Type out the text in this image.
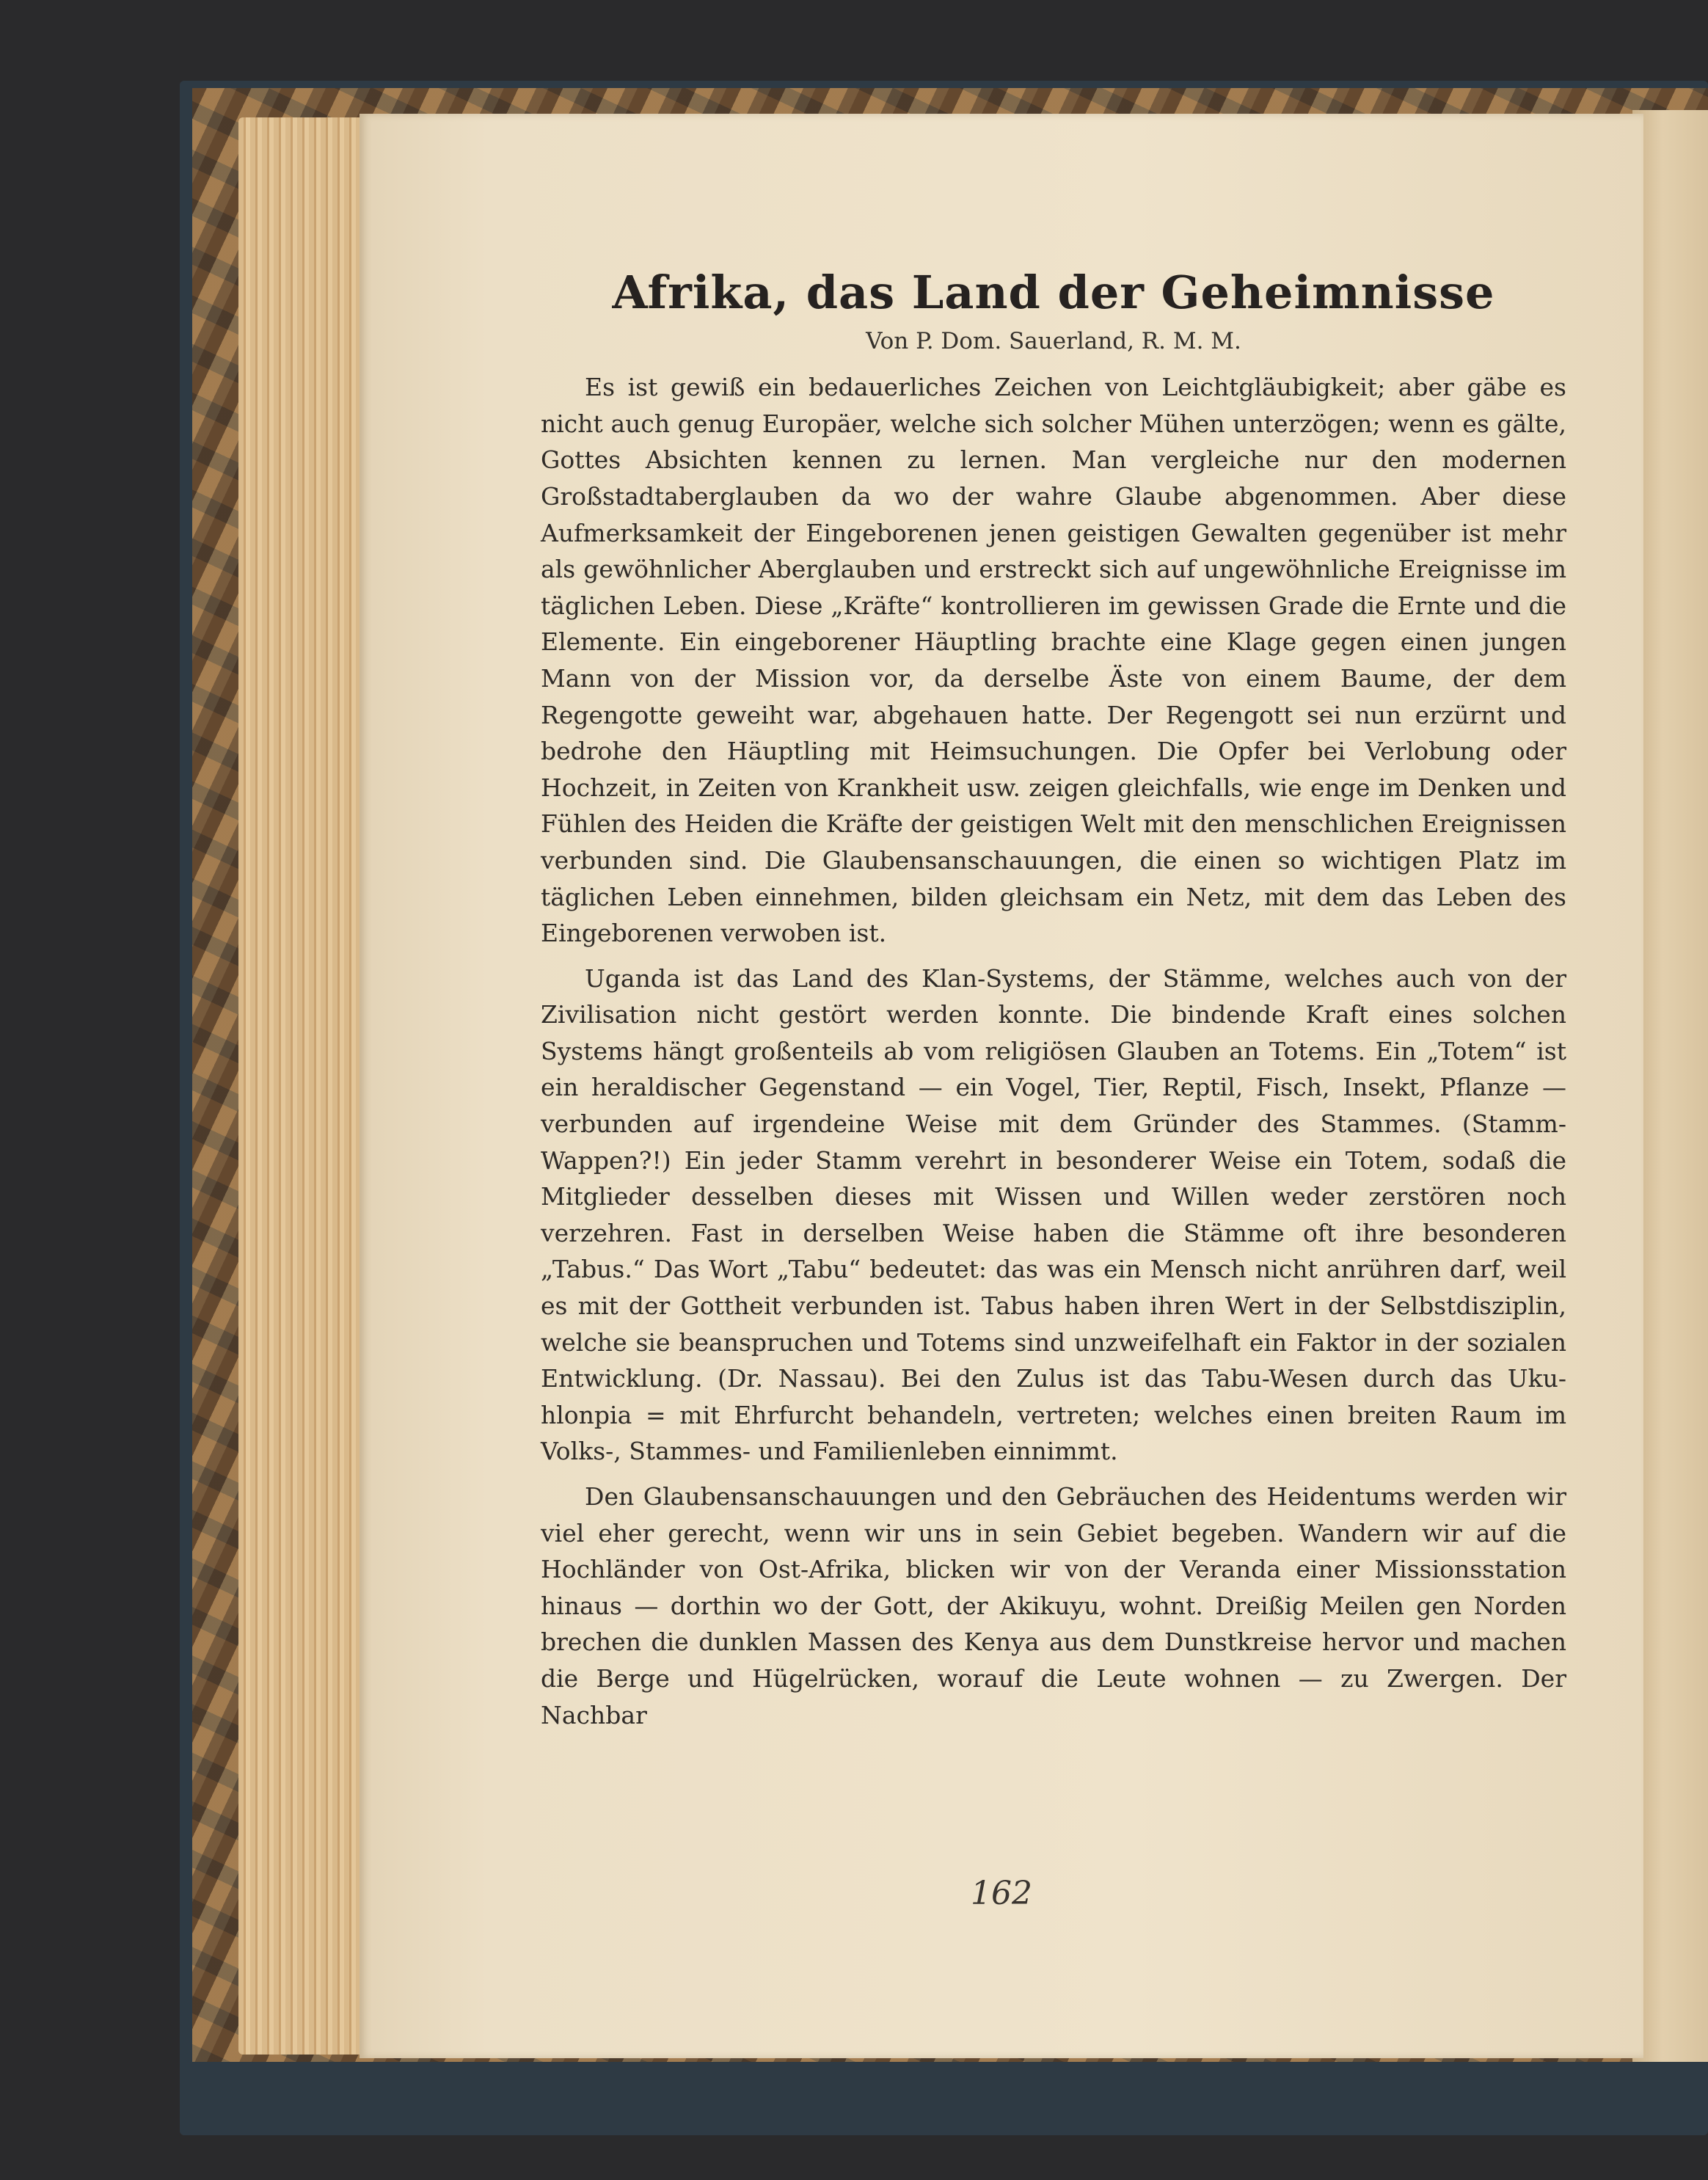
Afrika, das Land der Geheimnisse
Von P. Dom. Sauerland, R. M. M.

Es ist gewiß ein bedauerliches Zeichen von Leichtgläubigkeit; aber gäbe es nicht auch genug Europäer, welche sich solcher Mühen unterzögen; wenn es gälte, Gottes Absichten kennen zu lernen. Man vergleiche nur den modernen Großstadtaberglauben da wo der wahre Glaube abgenommen. Aber diese Aufmerksamkeit der Eingeborenen jenen geistigen Gewalten gegenüber ist mehr als gewöhnlicher Aberglauben und erstreckt sich auf ungewöhnliche Ereignisse im täglichen Leben. Diese „Kräfte“ kontrollieren im gewissen Grade die Ernte und die Elemente. Ein eingeborener Häuptling brachte eine Klage gegen einen jungen Mann von der Mission vor, da derselbe Äste von einem Baume, der dem Regengotte geweiht war, abgehauen hatte. Der Regengott sei nun erzürnt und bedrohe den Häuptling mit Heimsuchungen. Die Opfer bei Verlobung oder Hochzeit, in Zeiten von Krankheit usw. zeigen gleichfalls, wie enge im Denken und Fühlen des Heiden die Kräfte der geistigen Welt mit den menschlichen Ereignissen verbunden sind. Die Glaubensanschauungen, die einen so wichtigen Platz im täglichen Leben einnehmen, bilden gleichsam ein Netz, mit dem das Leben des Eingeborenen verwoben ist.

Uganda ist das Land des Klan-Systems, der Stämme, welches auch von der Zivilisation nicht gestört werden konnte. Die bindende Kraft eines solchen Systems hängt großenteils ab vom religiösen Glauben an Totems. Ein „Totem“ ist ein heraldischer Gegenstand — ein Vogel, Tier, Reptil, Fisch, Insekt, Pflanze — verbunden auf irgendeine Weise mit dem Gründer des Stammes. (Stamm-Wappen?!) Ein jeder Stamm verehrt in besonderer Weise ein Totem, sodaß die Mitglieder desselben dieses mit Wissen und Willen weder zerstören noch verzehren. Fast in derselben Weise haben die Stämme oft ihre besonderen „Tabus.“ Das Wort „Tabu“ bedeutet: das was ein Mensch nicht anrühren darf, weil es mit der Gottheit verbunden ist. Tabus haben ihren Wert in der Selbstdisziplin, welche sie beanspruchen und Totems sind unzweifelhaft ein Faktor in der sozialen Entwicklung. (Dr. Nassau). Bei den Zulus ist das Tabu-Wesen durch das Uku-hlonpia = mit Ehrfurcht behandeln, vertreten; welches einen breiten Raum im Volks-, Stammes- und Familienleben einnimmt.

Den Glaubensanschauungen und den Gebräuchen des Heidentums werden wir viel eher gerecht, wenn wir uns in sein Gebiet begeben. Wandern wir auf die Hochländer von Ost-Afrika, blicken wir von der Veranda einer Missionsstation hinaus — dorthin wo der Gott, der Akikuyu, wohnt. Dreißig Meilen gen Norden brechen die dunklen Massen des Kenya aus dem Dunstkreise hervor und machen die Berge und Hügelrücken, worauf die Leute wohnen — zu Zwergen. Der Nachbar

162
